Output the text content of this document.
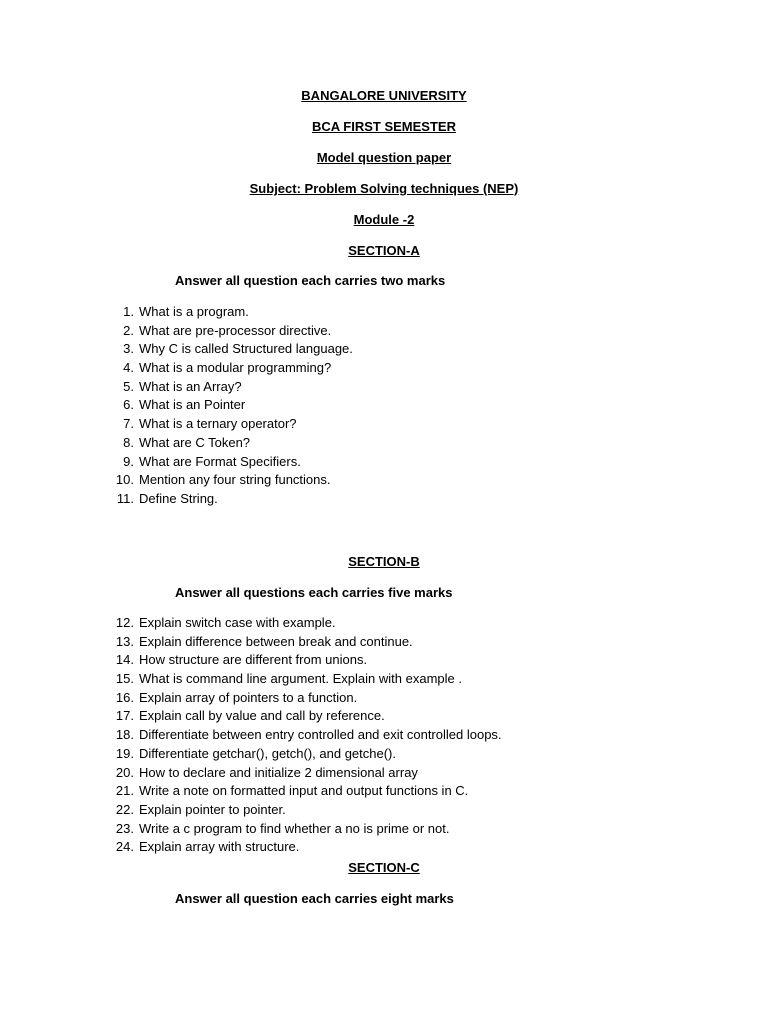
BANGALORE UNIVERSITY
BCA FIRST SEMESTER
Model question paper
Subject: Problem Solving techniques (NEP)
Module -2
SECTION-A
Answer all question each carries two marks
1. What is a program.
2. What are pre-processor directive.
3. Why C is called Structured language.
4. What is a modular programming?
5. What is an Array?
6. What is an Pointer
7. What is a ternary operator?
8. What are C Token?
9. What are Format Specifiers.
10. Mention any four string functions.
11. Define String.
SECTION-B
Answer all questions each carries five marks
12. Explain switch case with example.
13. Explain difference between break and continue.
14. How structure are different from unions.
15. What is command line argument. Explain with example .
16. Explain array of pointers to a function.
17. Explain call by value and call by reference.
18. Differentiate between entry controlled and exit controlled loops.
19. Differentiate getchar(), getch(), and getche().
20. How to declare and initialize 2 dimensional array
21. Write a note on formatted input and output functions in C.
22. Explain pointer to pointer.
23. Write a c program to find whether a no is prime or not.
24. Explain array with structure.
SECTION-C
Answer all question each carries eight marks
